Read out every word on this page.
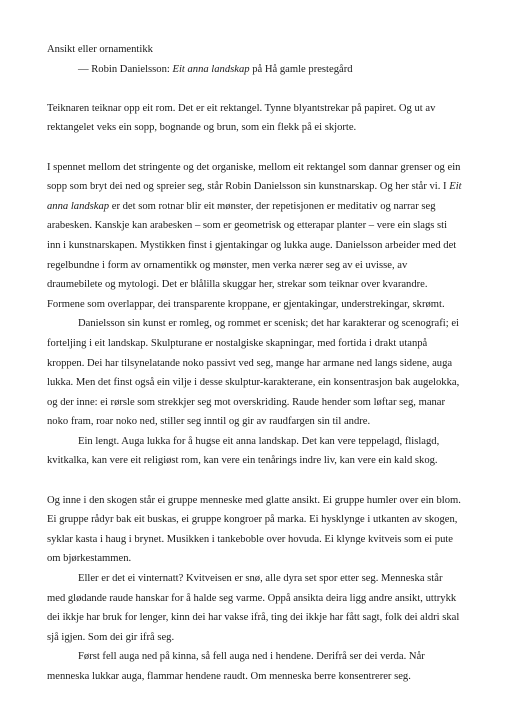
Ansikt eller ornamentikk

— Robin Danielsson: Eit anna landskap på Hå gamle prestegård

Teiknaren teiknar opp eit rom. Det er eit rektangel. Tynne blyantstrekar på papiret. Og ut av rektangelet veks ein sopp, bognande og brun, som ein flekk på ei skjorte.

I spennet mellom det stringente og det organiske, mellom eit rektangel som dannar grenser og ein sopp som bryt dei ned og spreier seg, står Robin Danielsson sin kunstnarskap. Og her står vi. I Eit anna landskap er det som rotnar blir eit mønster, der repetisjonen er meditativ og narrar seg arabesken. Kanskje kan arabesken – som er geometrisk og etterapar planter – vere ein slags sti inn i kunstnarskapen. Mystikken finst i gjentakingar og lukka auge. Danielsson arbeider med det regelbundne i form av ornamentikk og mønster, men verka nærer seg av ei uvisse, av draumebilete og mytologi. Det er blålilla skuggar her, strekar som teiknar over kvarandre. Formene som overlappar, dei transparente kroppane, er gjentakingar, understrekingar, skrømt.

Danielsson sin kunst er romleg, og rommet er scenisk; det har karakterar og scenografi; ei forteljing i eit landskap. Skulpturane er nostalgiske skapningar, med fortida i drakt utanpå kroppen. Dei har tilsynelatande noko passivt ved seg, mange har armane ned langs sidene, auga lukka. Men det finst også ein vilje i desse skulptur-karakterane, ein konsentrasjon bak augelokka, og der inne: ei rørsle som strekkjer seg mot overskriding. Raude hender som løftar seg, manar noko fram, roar noko ned, stiller seg inntil og gir av raudfargen sin til andre.

Ein lengt. Auga lukka for å hugse eit anna landskap. Det kan vere teppelagd, flislagd, kvitkalka, kan vere eit religiøst rom, kan vere ein tenårings indre liv, kan vere ein kald skog.

Og inne i den skogen står ei gruppe menneske med glatte ansikt. Ei gruppe humler over ein blom. Ei gruppe rådyr bak eit buskas, ei gruppe kongroer på marka. Ei hysklynge i utkanten av skogen, syklar kasta i haug i brynet. Musikken i tankeboble over hovuda. Ei klynge kvitveis som ei pute om bjørkestammen.

Eller er det ei vinternatt? Kvitveisen er snø, alle dyra set spor etter seg. Menneska står med glødande raude hanskar for å halde seg varme. Oppå ansikta deira ligg andre ansikt, uttrykk dei ikkje har bruk for lenger, kinn dei har vakse ifrå, ting dei ikkje har fått sagt, folk dei aldri skal sjå igjen. Som dei gir ifrå seg.

Først fell auga ned på kinna, så fell auga ned i hendene. Derifrå ser dei verda. Når menneska lukkar auga, flammar hendene raudt. Om menneska berre konsentrerer seg.
